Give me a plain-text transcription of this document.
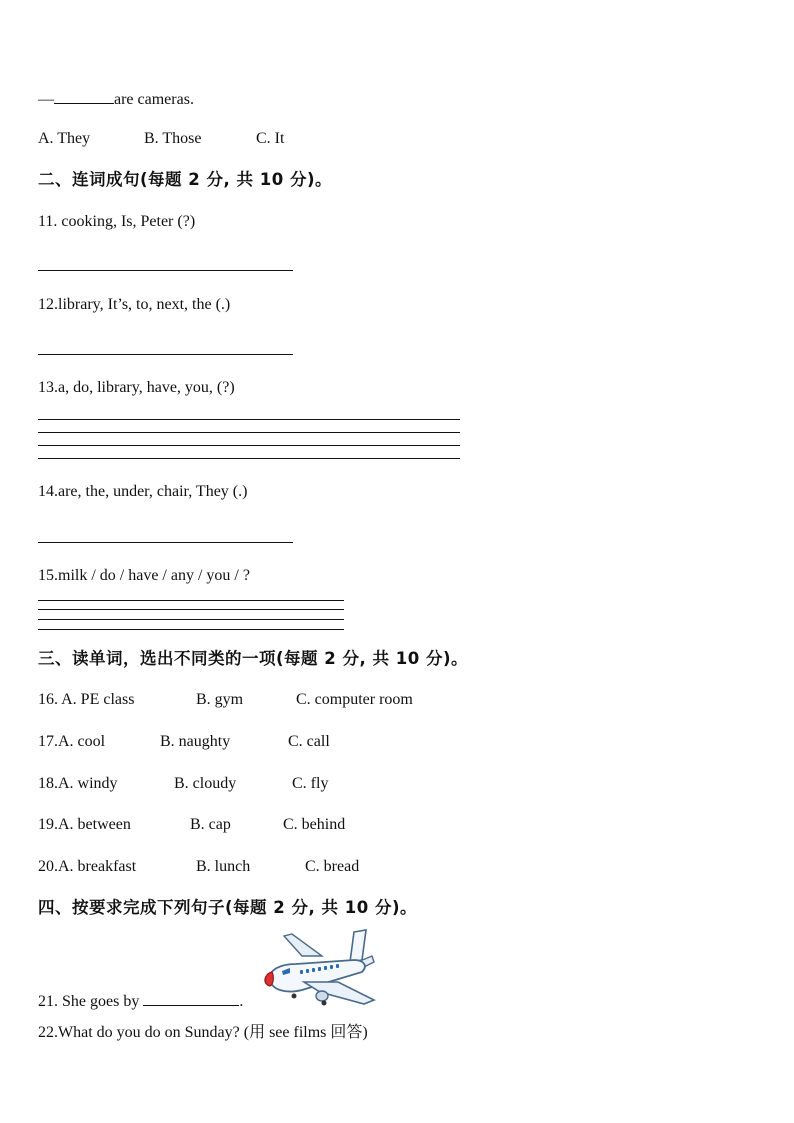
—	are cameras.
A. They	B. Those	C. It
二、连词成句(每题 2 分, 共 10 分)。
11. cooking, Is, Peter (?)
12.library, It’s, to, next, the (.)
13.a, do, library, have, you, (?)
14.are, the, under, chair, They (.)
15.milk / do / have / any / you / ?
三、读单词，选出不同类的一项(每题 2 分, 共 10 分)。
16. A. PE class	B. gym	C. computer room
17.A. cool	B. naughty	C. call
18.A. windy	B. cloudy	C. fly
19.A. between	B. cap	C. behind
20.A. breakfast	B. lunch	C. bread
四、按要求完成下列句子(每题 2 分, 共 10 分)。
21. She goes by	.
22.What do you do on Sunday? (用 see films 回答)
